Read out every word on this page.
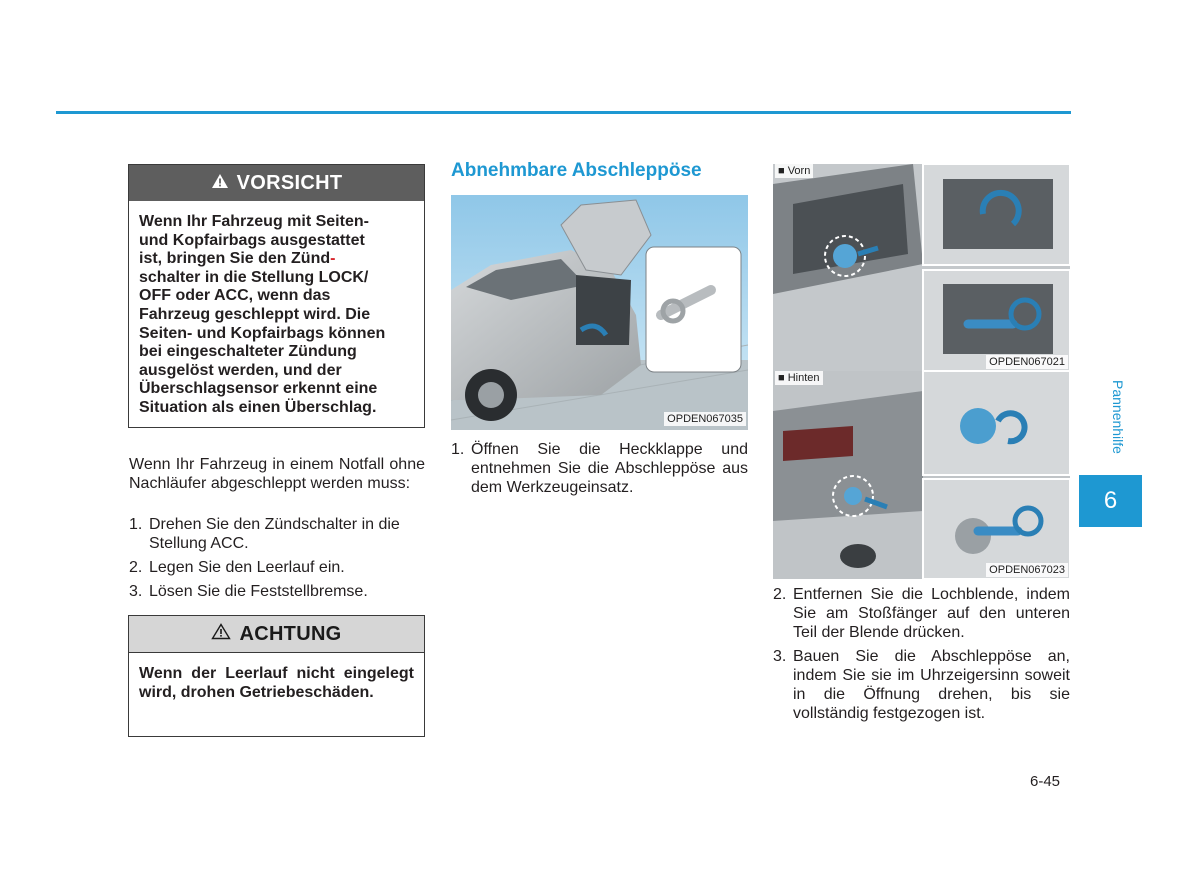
VORSICHT
Wenn Ihr Fahrzeug mit Seiten-
und Kopfairbags ausgestattet
ist, bringen Sie den Zünd-
schalter in die Stellung LOCK/
OFF oder ACC, wenn das
Fahrzeug geschleppt wird. Die
Seiten- und Kopfairbags können
bei eingeschalteter Zündung
ausgelöst werden, und der
Überschlagsensor erkennt eine
Situation als einen Überschlag.

Wenn Ihr Fahrzeug in einem Notfall ohne Nachläufer abgeschleppt werden muss:

1. Drehen Sie den Zündschalter in die Stellung ACC.
2. Legen Sie den Leerlauf ein.
3. Lösen Sie die Feststellbremse.
ACHTUNG
Wenn der Leerlauf nicht eingelegt wird, drohen Getriebeschäden.
Abnehmbare Abschleppöse
OPDEN067035
1. Öffnen Sie die Heckklappe und entnehmen Sie die Abschleppöse aus dem Werkzeugeinsatz.
■ Vorn
OPDEN067021
■ Hinten
OPDEN067023
2. Entfernen Sie die Lochblende, indem Sie am Stoßfänger auf den unteren Teil der Blende drücken.
3. Bauen Sie die Abschleppöse an, indem Sie sie im Uhrzeigersinn soweit in die Öffnung drehen, bis sie vollständig festgezogen ist.
Pannenhilfe
6
6-45
